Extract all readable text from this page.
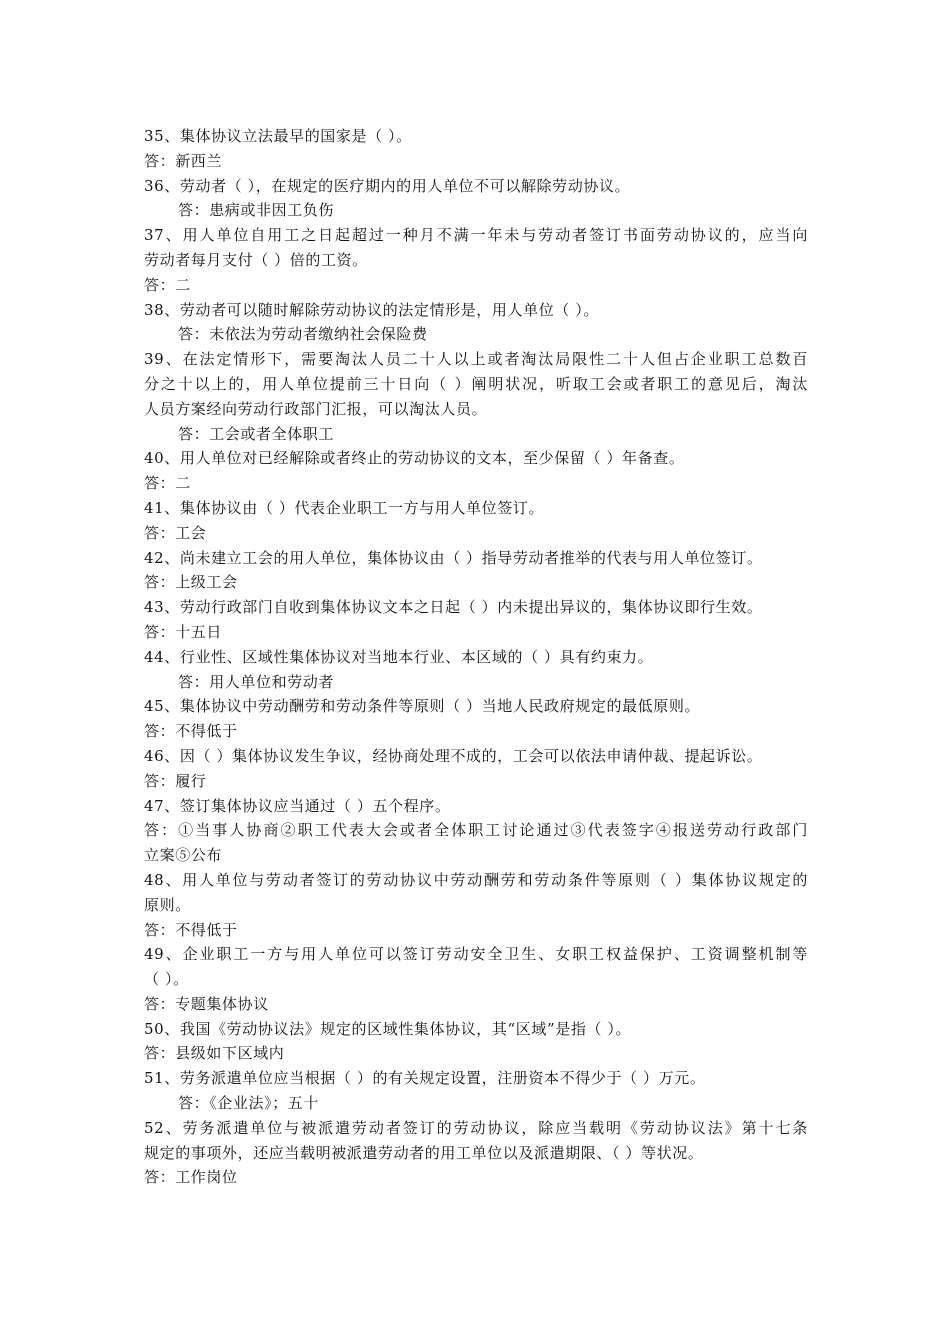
35、集体协议立法最早的国家是（ ）。
答：新西兰
36、劳动者（ ），在规定的医疗期内的用人单位不可以解除劳动协议。
答：患病或非因工负伤
37、用人单位自用工之日起超过一种月不满一年未与劳动者签订书面劳动协议的，应当向
劳动者每月支付（ ）倍的工资。
答：二
38、劳动者可以随时解除劳动协议的法定情形是，用人单位（ ）。
答：未依法为劳动者缴纳社会保险费
39、在法定情形下，需要淘汰人员二十人以上或者淘汰局限性二十人但占企业职工总数百
分之十以上的，用人单位提前三十日向（ ）阐明状况，听取工会或者职工的意见后，淘汰
人员方案经向劳动行政部门汇报，可以淘汰人员。
答：工会或者全体职工
40、用人单位对已经解除或者终止的劳动协议的文本，至少保留（ ）年备查。
答：二
41、集体协议由（ ）代表企业职工一方与用人单位签订。
答：工会
42、尚未建立工会的用人单位，集体协议由（ ）指导劳动者推举的代表与用人单位签订。
答：上级工会
43、劳动行政部门自收到集体协议文本之日起（ ）内未提出异议的，集体协议即行生效。
答：十五日
44、行业性、区域性集体协议对当地本行业、本区域的（ ）具有约束力。
答：用人单位和劳动者
45、集体协议中劳动酬劳和劳动条件等原则（ ）当地人民政府规定的最低原则。
答：不得低于
46、因（ ）集体协议发生争议，经协商处理不成的，工会可以依法申请仲裁、提起诉讼。
答：履行
47、签订集体协议应当通过（ ）五个程序。
答：①当事人协商②职工代表大会或者全体职工讨论通过③代表签字④报送劳动行政部门
立案⑤公布
48、用人单位与劳动者签订的劳动协议中劳动酬劳和劳动条件等原则（ ）集体协议规定的
原则。
答：不得低于
49、企业职工一方与用人单位可以签订劳动安全卫生、女职工权益保护、工资调整机制等
（ ）。
答：专题集体协议
50、我国《劳动协议法》规定的区域性集体协议，其“区域”是指（ ）。
答：县级如下区域内
51、劳务派遣单位应当根据（ ）的有关规定设置，注册资本不得少于（ ）万元。
答：《企业法》；五十
52、劳务派遣单位与被派遣劳动者签订的劳动协议，除应当载明《劳动协议法》第十七条
规定的事项外，还应当载明被派遣劳动者的用工单位以及派遣期限、（ ）等状况。
答：工作岗位
